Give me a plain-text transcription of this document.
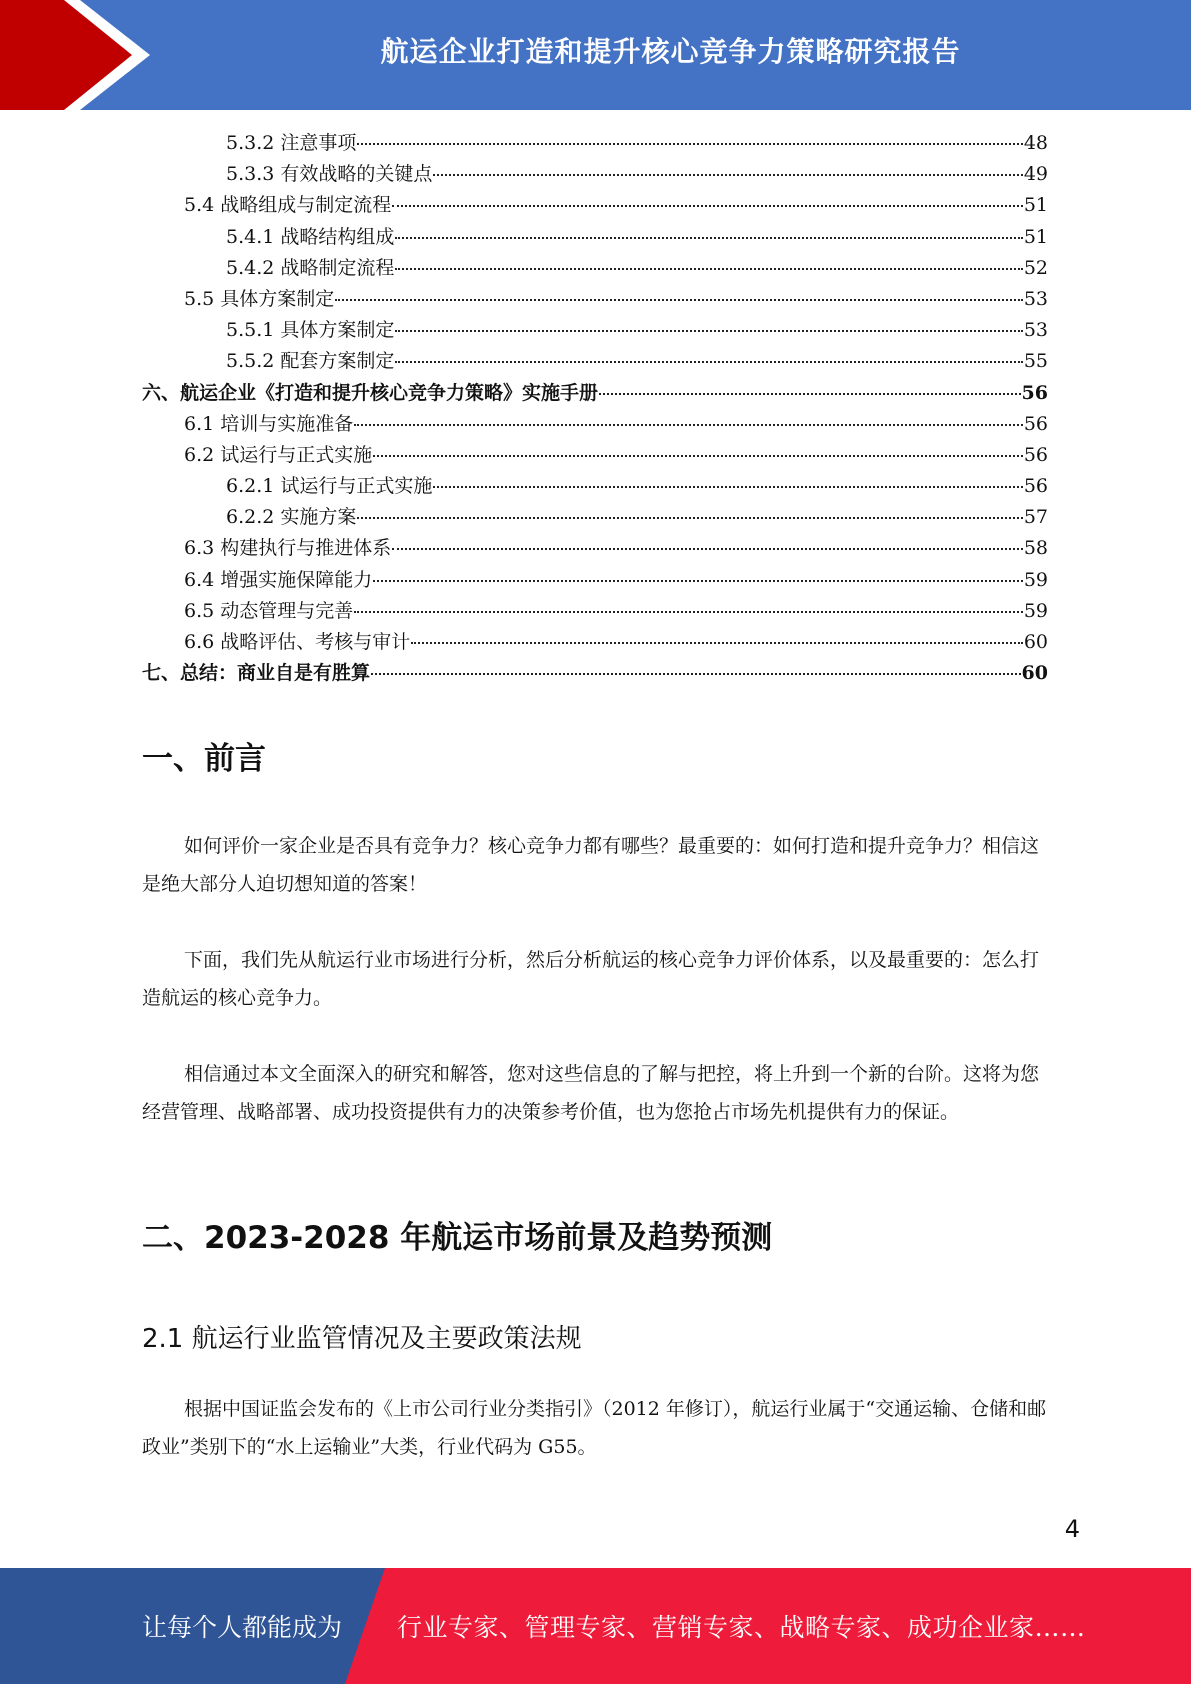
航运企业打造和提升核心竞争力策略研究报告
5.3.2 注意事项	48
5.3.3 有效战略的关键点	49
5.4 战略组成与制定流程	51
5.4.1 战略结构组成	51
5.4.2 战略制定流程	52
5.5 具体方案制定	53
5.5.1 具体方案制定	53
5.5.2 配套方案制定	55
六、航运企业《打造和提升核心竞争力策略》实施手册	56
6.1 培训与实施准备	56
6.2 试运行与正式实施	56
6.2.1 试运行与正式实施	56
6.2.2 实施方案	57
6.3 构建执行与推进体系	58
6.4 增强实施保障能力	59
6.5 动态管理与完善	59
6.6 战略评估、考核与审计	60
七、总结：商业自是有胜算	60
一、前言

如何评价一家企业是否具有竞争力？核心竞争力都有哪些？最重要的：如何打造和提升竞争力？相信这是绝大部分人迫切想知道的答案！

下面，我们先从航运行业市场进行分析，然后分析航运的核心竞争力评价体系，以及最重要的：怎么打造航运的核心竞争力。

相信通过本文全面深入的研究和解答，您对这些信息的了解与把控，将上升到一个新的台阶。这将为您经营管理、战略部署、成功投资提供有力的决策参考价值，也为您抢占市场先机提供有力的保证。

二、2023-2028 年航运市场前景及趋势预测
2.1 航运行业监管情况及主要政策法规

根据中国证监会发布的《上市公司行业分类指引》（2012 年修订），航运行业属于“交通运输、仓储和邮政业”类别下的“水上运输业”大类，行业代码为 G55。

4
让每个人都能成为 行业专家、管理专家、营销专家、战略专家、成功企业家……
